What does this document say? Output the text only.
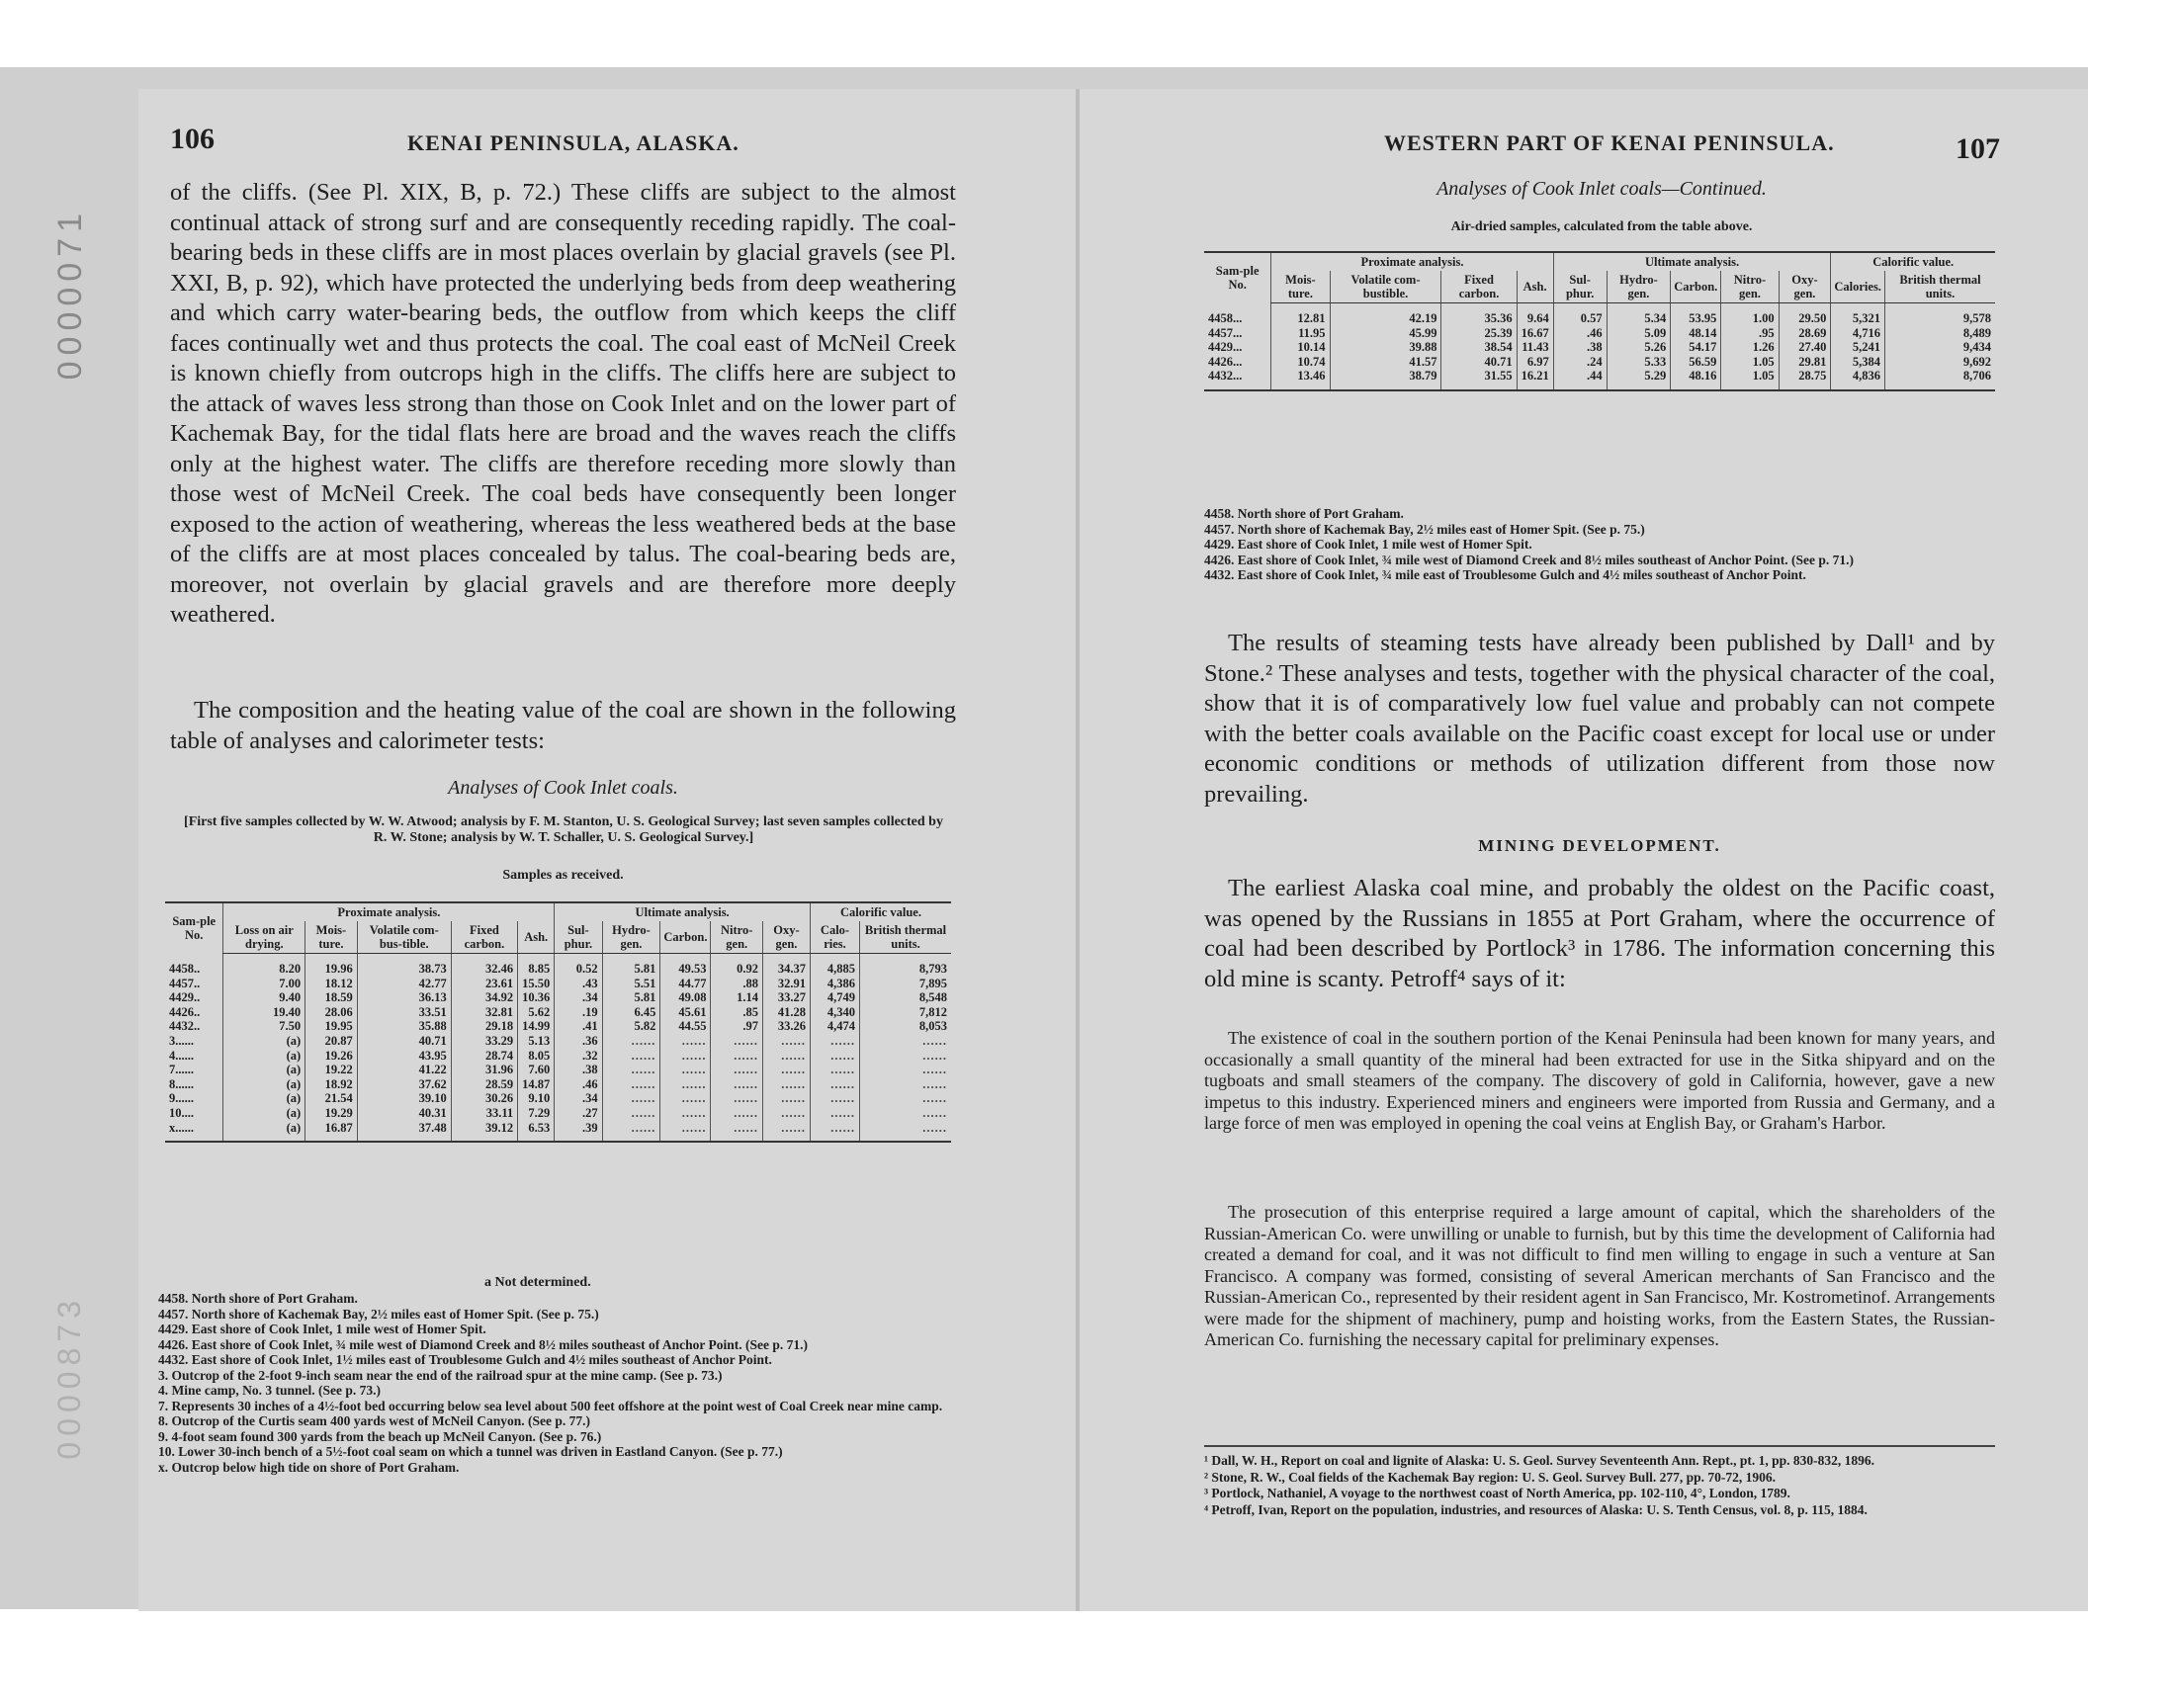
0000071
0000873
106	KENAI PENINSULA, ALASKA.

of the cliffs. (See Pl. XIX, B, p. 72.) These cliffs are subject to the almost continual attack of strong surf and are consequently receding rapidly. The coal-bearing beds in these cliffs are in most places overlain by glacial gravels (see Pl. XXI, B, p. 92), which have protected the underlying beds from deep weathering and which carry water-bearing beds, the outflow from which keeps the cliff faces continually wet and thus protects the coal. The coal east of McNeil Creek is known chiefly from outcrops high in the cliffs. The cliffs here are subject to the attack of waves less strong than those on Cook Inlet and on the lower part of Kachemak Bay, for the tidal flats here are broad and the waves reach the cliffs only at the highest water. The cliffs are therefore receding more slowly than those west of McNeil Creek. The coal beds have consequently been longer exposed to the action of weathering, whereas the less weathered beds at the base of the cliffs are at most places concealed by talus. The coal-bearing beds are, moreover, not overlain by glacial gravels and are therefore more deeply weathered.

The composition and the heating value of the coal are shown in the following table of analyses and calorimeter tests:

Analyses of Cook Inlet coals.
[First five samples collected by W. W. Atwood; analysis by F. M. Stanton, U. S. Geological Survey; last seven samples collected by R. W. Stone; analysis by W. T. Schaller, U. S. Geological Survey.]
Samples as received.
Sam-ple No.	Proximate analysis.					Ultimate analysis.					Calorific value.	
	Loss on air drying.	Mois-ture.	Volatile com-bus-tible.	Fixed carbon.	Ash.	Sul-phur.	Hydro-gen.	Carbon.	Nitro-gen.	Oxy-gen.	Calo-ries.	British thermal units.
4458..	8.20	19.96	38.73	32.46	8.85	0.52	5.81	49.53	0.92	34.37	4,885	8,793
4457..	7.00	18.12	42.77	23.61	15.50	.43	5.51	44.77	.88	32.91	4,386	7,895
4429..	9.40	18.59	36.13	34.92	10.36	.34	5.81	49.08	1.14	33.27	4,749	8,548
4426..	19.40	28.06	33.51	32.81	5.62	.19	6.45	45.61	.85	41.28	4,340	7,812
4432..	7.50	19.95	35.88	29.18	14.99	.41	5.82	44.55	.97	33.26	4,474	8,053
3......	(a)	20.87	40.71	33.29	5.13	.36	......	......	......	......	......	......
4......	(a)	19.26	43.95	28.74	8.05	.32	......	......	......	......	......	......
7......	(a)	19.22	41.22	31.96	7.60	.38	......	......	......	......	......	......
8......	(a)	18.92	37.62	28.59	14.87	.46	......	......	......	......	......	......
9......	(a)	21.54	39.10	30.26	9.10	.34	......	......	......	......	......	......
10....	(a)	19.29	40.31	33.11	7.29	.27	......	......	......	......	......	......
x......	(a)	16.87	37.48	39.12	6.53	.39	......	......	......	......	......	......
a Not determined.
4458. North shore of Port Graham.
4457. North shore of Kachemak Bay, 2½ miles east of Homer Spit. (See p. 75.)
4429. East shore of Cook Inlet, 1 mile west of Homer Spit.
4426. East shore of Cook Inlet, ¾ mile west of Diamond Creek and 8½ miles southeast of Anchor Point. (See p. 71.)
4432. East shore of Cook Inlet, 1½ miles east of Troublesome Gulch and 4½ miles southeast of Anchor Point.
3. Outcrop of the 2-foot 9-inch seam near the end of the railroad spur at the mine camp. (See p. 73.)
4. Mine camp, No. 3 tunnel. (See p. 73.)
7. Represents 30 inches of a 4½-foot bed occurring below sea level about 500 feet offshore at the point west of Coal Creek near mine camp.
8. Outcrop of the Curtis seam 400 yards west of McNeil Canyon. (See p. 77.)
9. 4-foot seam found 300 yards from the beach up McNeil Canyon. (See p. 76.)
10. Lower 30-inch bench of a 5½-foot coal seam on which a tunnel was driven in Eastland Canyon. (See p. 77.)
x. Outcrop below high tide on shore of Port Graham.
WESTERN PART OF KENAI PENINSULA.	107
Analyses of Cook Inlet coals—Continued.
Air-dried samples, calculated from the table above.
Sam-ple No.	Proximate analysis.				Ultimate analysis.					Calorific value.	
	Mois-ture.	Volatile com-bustible.	Fixed carbon.	Ash.	Sul-phur.	Hydro-gen.	Carbon.	Nitro-gen.	Oxy-gen.	Calories.	British thermal units.
4458...	12.81	42.19	35.36	9.64	0.57	5.34	53.95	1.00	29.50	5,321	9,578
4457...	11.95	45.99	25.39	16.67	.46	5.09	48.14	.95	28.69	4,716	8,489
4429...	10.14	39.88	38.54	11.43	.38	5.26	54.17	1.26	27.40	5,241	9,434
4426...	10.74	41.57	40.71	6.97	.24	5.33	56.59	1.05	29.81	5,384	9,692
4432...	13.46	38.79	31.55	16.21	.44	5.29	48.16	1.05	28.75	4,836	8,706
4458. North shore of Port Graham.
4457. North shore of Kachemak Bay, 2½ miles east of Homer Spit. (See p. 75.)
4429. East shore of Cook Inlet, 1 mile west of Homer Spit.
4426. East shore of Cook Inlet, ¾ mile west of Diamond Creek and 8½ miles southeast of Anchor Point. (See p. 71.)
4432. East shore of Cook Inlet, ¾ mile east of Troublesome Gulch and 4½ miles southeast of Anchor Point.

The results of steaming tests have already been published by Dall¹ and by Stone.² These analyses and tests, together with the physical character of the coal, show that it is of comparatively low fuel value and probably can not compete with the better coals available on the Pacific coast except for local use or under economic conditions or methods of utilization different from those now prevailing.

MINING DEVELOPMENT.

The earliest Alaska coal mine, and probably the oldest on the Pacific coast, was opened by the Russians in 1855 at Port Graham, where the occurrence of coal had been described by Portlock³ in 1786. The information concerning this old mine is scanty. Petroff⁴ says of it:

The existence of coal in the southern portion of the Kenai Peninsula had been known for many years, and occasionally a small quantity of the mineral had been extracted for use in the Sitka shipyard and on the tugboats and small steamers of the company. The discovery of gold in California, however, gave a new impetus to this industry. Experienced miners and engineers were imported from Russia and Germany, and a large force of men was employed in opening the coal veins at English Bay, or Graham's Harbor.

The prosecution of this enterprise required a large amount of capital, which the shareholders of the Russian-American Co. were unwilling or unable to furnish, but by this time the development of California had created a demand for coal, and it was not difficult to find men willing to engage in such a venture at San Francisco. A company was formed, consisting of several American merchants of San Francisco and the Russian-American Co., represented by their resident agent in San Francisco, Mr. Kostrometinof. Arrangements were made for the shipment of machinery, pump and hoisting works, from the Eastern States, the Russian-American Co. furnishing the necessary capital for preliminary expenses.

¹ Dall, W. H., Report on coal and lignite of Alaska: U. S. Geol. Survey Seventeenth Ann. Rept., pt. 1, pp. 830-832, 1896.
² Stone, R. W., Coal fields of the Kachemak Bay region: U. S. Geol. Survey Bull. 277, pp. 70-72, 1906.
³ Portlock, Nathaniel, A voyage to the northwest coast of North America, pp. 102-110, 4°, London, 1789.
⁴ Petroff, Ivan, Report on the population, industries, and resources of Alaska: U. S. Tenth Census, vol. 8, p. 115, 1884.
